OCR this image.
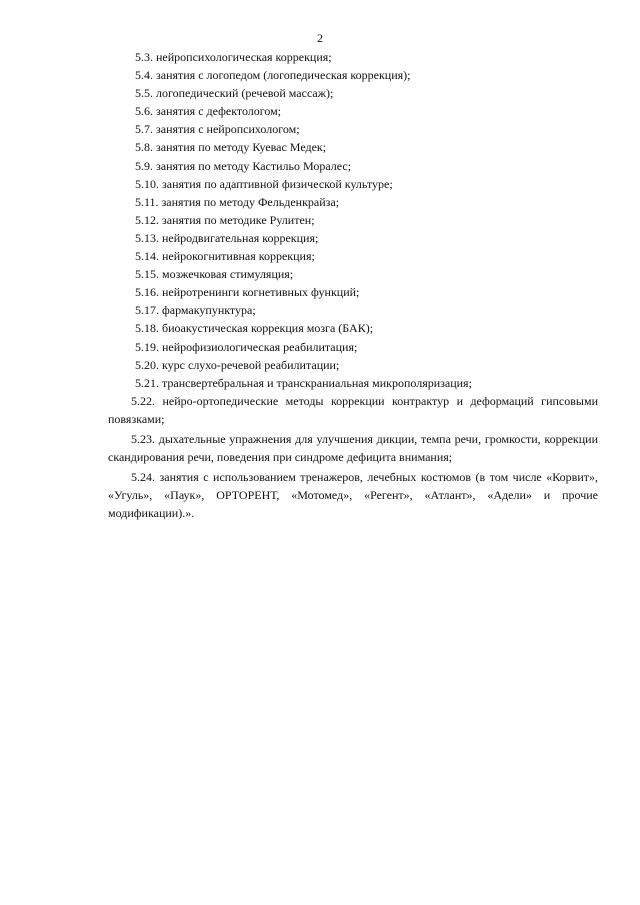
2
5.3. нейропсихологическая коррекция;
5.4. занятия с логопедом (логопедическая коррекция);
5.5. логопедический (речевой массаж);
5.6. занятия с дефектологом;
5.7. занятия с нейропсихологом;
5.8. занятия по методу Куевас Медек;
5.9. занятия по методу Кастильо Моралес;
5.10. занятия по адаптивной физической культуре;
5.11. занятия по методу Фельденкрайза;
5.12. занятия по методике Рулитен;
5.13. нейродвигательная коррекция;
5.14. нейрокогнитивная коррекция;
5.15. мозжечковая стимуляция;
5.16. нейротренинги когнетивных функций;
5.17. фармакупунктура;
5.18. биоакустическая коррекция мозга (БАК);
5.19. нейрофизиологическая реабилитация;
5.20. курс слухо-речевой реабилитации;
5.21. трансвертебральная и транскраниальная микрополяризация;
5.22. нейро-ортопедические методы коррекции контрактур и деформаций гипсовыми повязками;
5.23. дыхательные упражнения для улучшения дикции, темпа речи, громкости, коррекции скандирования речи, поведения при синдроме дефицита внимания;
5.24. занятия с использованием тренажеров, лечебных костюмов (в том числе «Корвит», «Угуль», «Паук», ОРТОРЕНТ, «Мотомед», «Регент», «Атлант», «Адели» и прочие модификации).».
